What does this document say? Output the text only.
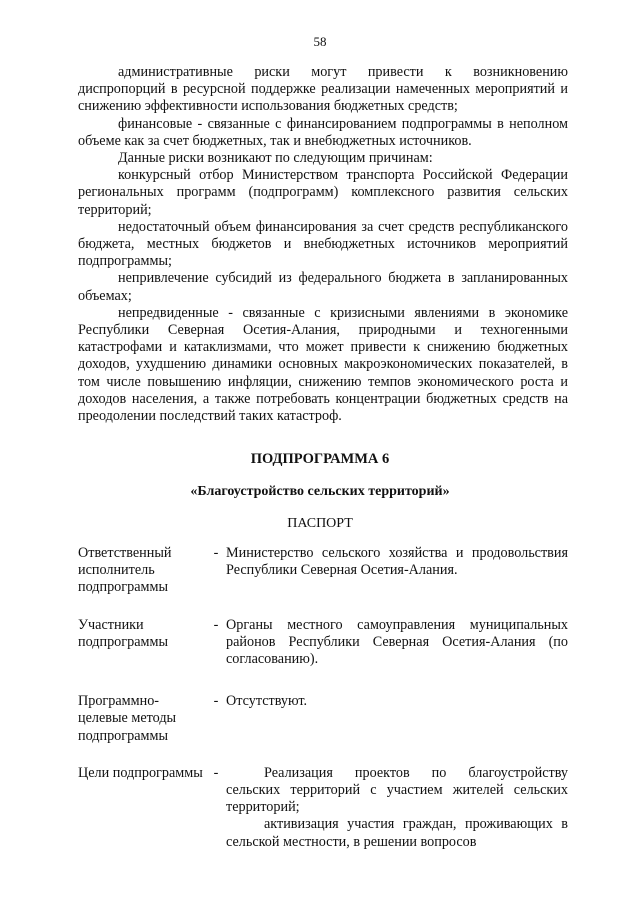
58

административные риски могут привести к возникновению диспропорций в ресурсной поддержке реализации намеченных мероприятий и снижению эффективности использования бюджетных средств;

финансовые - связанные с финансированием подпрограммы в неполном объеме как за счет бюджетных, так и внебюджетных источников.

Данные риски возникают по следующим причинам:

конкурсный отбор Министерством транспорта Российской Федерации региональных программ (подпрограмм) комплексного развития сельских территорий;

недостаточный объем финансирования за счет средств республиканского бюджета, местных бюджетов и внебюджетных источников мероприятий подпрограммы;

непривлечение субсидий из федерального бюджета в запланированных объемах;

непредвиденные - связанные с кризисными явлениями в экономике Республики Северная Осетия-Алания, природными и техногенными катастрофами и катаклизмами, что может привести к снижению бюджетных доходов, ухудшению динамики основных макроэкономических показателей, в том числе повышению инфляции, снижению темпов экономического роста и доходов населения, а также потребовать концентрации бюджетных средств на преодолении последствий таких катастроф.

ПОДПРОГРАММА 6
«Благоустройство сельских территорий»
ПАСПОРТ
Ответственный исполнитель подпрограммы
- Министерство сельского хозяйства и продовольствия Республики Северная Осетия-Алания.
Участники подпрограммы
- Органы местного самоуправления муниципальных районов Республики Северная Осетия-Алания (по согласованию).
Программно-целевые методы подпрограммы
- Отсутствуют.
Цели подпрограммы -	Реализация проектов по благоустройству сельских территорий с участием жителей сельских территорий;

активизация участия граждан, проживающих в сельской местности, в решении вопросов
